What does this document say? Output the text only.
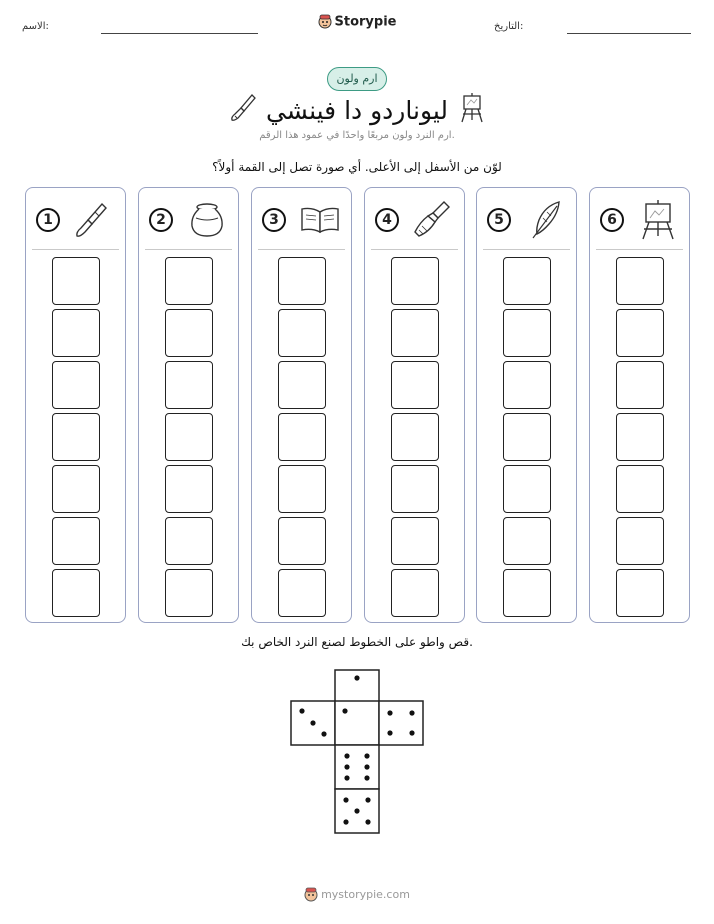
الاسم:	Storypie	التاريخ:
ارم ولون
ليوناردو دا فينشي
ارم النرد ولون مربعًا واحدًا في عمود هذا الرقم.
لوّن من الأسفل إلى الأعلى. أي صورة تصل إلى القمة أولاً؟
1	2	3	4	5	6
قص واطو على الخطوط لصنع النرد الخاص بك.
mystorypie.com
